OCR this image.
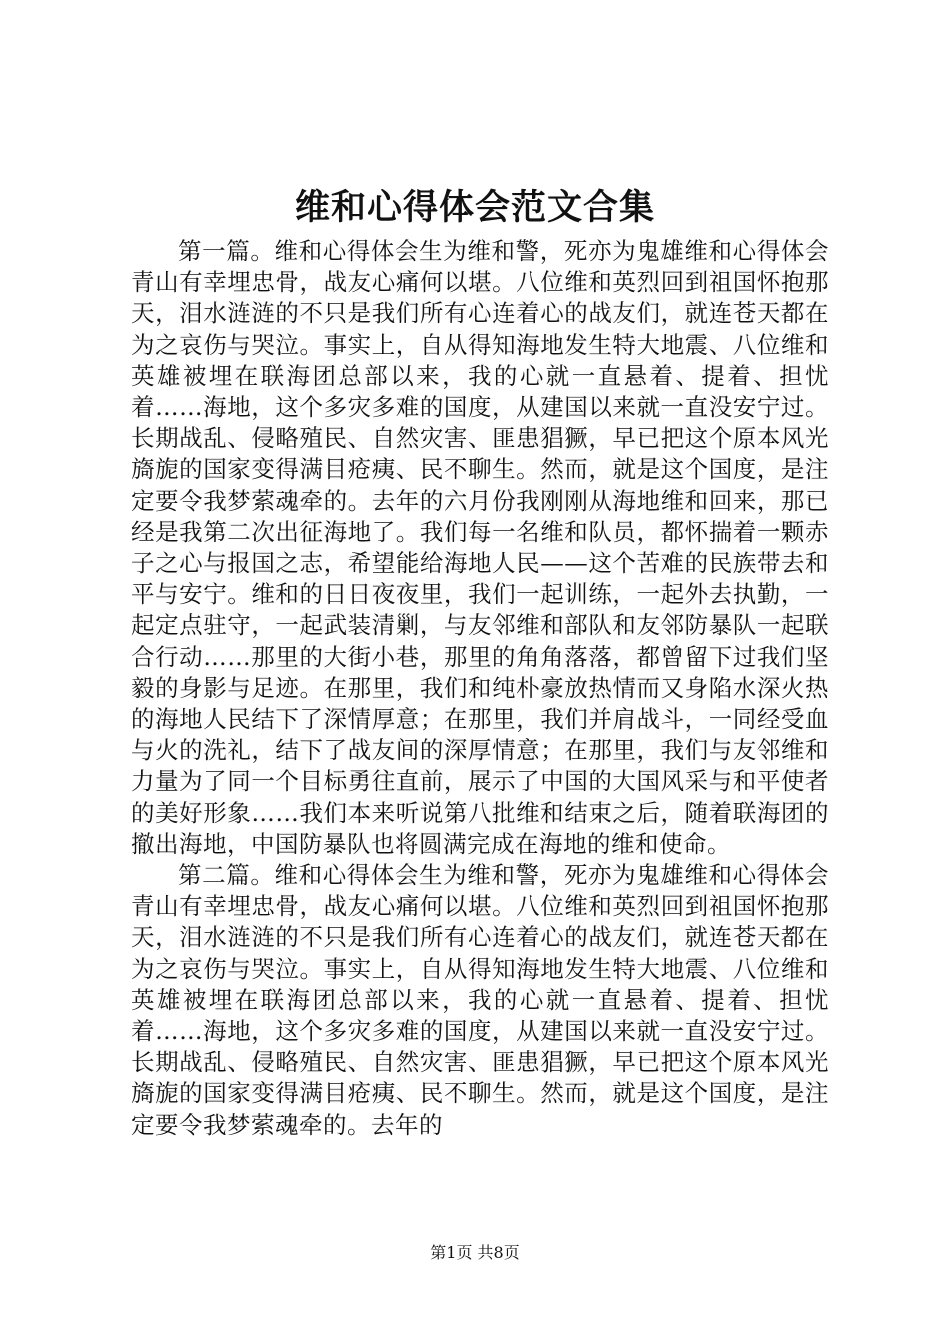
维和心得体会范文合集

第一篇。维和心得体会生为维和警，死亦为鬼雄维和心得体会青山有幸埋忠骨，战友心痛何以堪。八位维和英烈回到祖国怀抱那天，泪水涟涟的不只是我们所有心连着心的战友们，就连苍天都在为之哀伤与哭泣。事实上，自从得知海地发生特大地震、八位维和英雄被埋在联海团总部以来，我的心就一直悬着、提着、担忧着……海地，这个多灾多难的国度，从建国以来就一直没安宁过。长期战乱、侵略殖民、自然灾害、匪患猖獗，早已把这个原本风光旖旎的国家变得满目疮痍、民不聊生。然而，就是这个国度，是注定要令我梦萦魂牵的。去年的六月份我刚刚从海地维和回来，那已经是我第二次出征海地了。我们每一名维和队员，都怀揣着一颗赤子之心与报国之志，希望能给海地人民——这个苦难的民族带去和平与安宁。维和的日日夜夜里，我们一起训练，一起外去执勤，一起定点驻守，一起武装清剿，与友邻维和部队和友邻防暴队一起联合行动……那里的大街小巷，那里的角角落落，都曾留下过我们坚毅的身影与足迹。在那里，我们和纯朴豪放热情而又身陷水深火热的海地人民结下了深情厚意；在那里，我们并肩战斗，一同经受血与火的洗礼，结下了战友间的深厚情意；在那里，我们与友邻维和力量为了同一个目标勇往直前，展示了中国的大国风采与和平使者的美好形象……我们本来听说第八批维和结束之后，随着联海团的撤出海地，中国防暴队也将圆满完成在海地的维和使命。

第二篇。维和心得体会生为维和警，死亦为鬼雄维和心得体会青山有幸埋忠骨，战友心痛何以堪。八位维和英烈回到祖国怀抱那天，泪水涟涟的不只是我们所有心连着心的战友们，就连苍天都在为之哀伤与哭泣。事实上，自从得知海地发生特大地震、八位维和英雄被埋在联海团总部以来，我的心就一直悬着、提着、担忧着……海地，这个多灾多难的国度，从建国以来就一直没安宁过。长期战乱、侵略殖民、自然灾害、匪患猖獗，早已把这个原本风光旖旎的国家变得满目疮痍、民不聊生。然而，就是这个国度，是注定要令我梦萦魂牵的。去年的

第1页 共8页
